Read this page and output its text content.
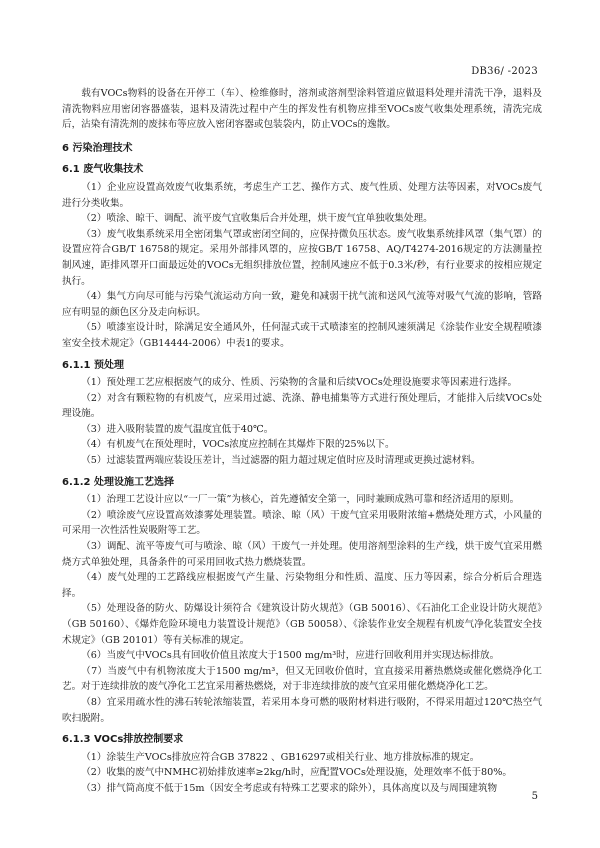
DB36/ -2023

载有VOCs物料的设备在开停工（车）、检维修时，溶剂或溶剂型涂料管道应做退料处理并清洗干净，退料及清洗物料应用密闭容器盛装，退料及清洗过程中产生的挥发性有机物应排至VOCs废气收集处理系统，清洗完成后，沾染有清洗剂的废抹布等应放入密闭容器或包装袋内，防止VOCs的逸散。

6 污染治理技术
6.1 废气收集技术

（1）企业应设置高效废气收集系统，考虑生产工艺、操作方式、废气性质、处理方法等因素，对VOCs废气进行分类收集。

（2）喷涂、晾干、调配、流平废气宜收集后合并处理，烘干废气宜单独收集处理。

（3）废气收集系统采用全密闭集气罩或密闭空间的，应保持微负压状态。废气收集系统排风罩（集气罩）的设置应符合GB/T 16758的规定。采用外部排风罩的，应按GB/T 16758、AQ/T4274-2016规定的方法测量控制风速，距排风罩开口面最远处的VOCs无组织排放位置，控制风速应不低于0.3米/秒，有行业要求的按相应规定执行。

（4）集气方向尽可能与污染气流运动方向一致，避免和减弱干扰气流和送风气流等对吸气气流的影响，管路应有明显的颜色区分及走向标识。

（5）喷漆室设计时，除满足安全通风外，任何湿式或干式喷漆室的控制风速须满足《涂装作业安全规程喷漆室安全技术规定》（GB14444-2006）中表1的要求。

6.1.1 预处理

（1）预处理工艺应根据废气的成分、性质、污染物的含量和后续VOCs处理设施要求等因素进行选择。

（2）对含有颗粒物的有机废气，应采用过滤、洗涤、静电捕集等方式进行预处理后，才能排入后续VOCs处理设施。

（3）进入吸附装置的废气温度宜低于40℃。

（4）有机废气在预处理时，VOCs浓度应控制在其爆炸下限的25%以下。

（5）过滤装置两端应装设压差计，当过滤器的阻力超过规定值时应及时清理或更换过滤材料。

6.1.2 处理设施工艺选择

（1）治理工艺设计应以“一厂一策”为核心，首先遵循安全第一，同时兼顾成熟可靠和经济适用的原则。

（2）喷涂废气应设置高效漆雾处理装置。喷涂、晾（风）干废气宜采用吸附浓缩+燃烧处理方式，小风量的可采用一次性活性炭吸附等工艺。

（3）调配、流平等废气可与喷涂、晾（风）干废气一并处理。使用溶剂型涂料的生产线，烘干废气宜采用燃烧方式单独处理，具备条件的可采用回收式热力燃烧装置。

（4）废气处理的工艺路线应根据废气产生量、污染物组分和性质、温度、压力等因素，综合分析后合理选择。

（5）处理设备的防火、防爆设计须符合《建筑设计防火规范》（GB 50016）、《石油化工企业设计防火规范》（GB 50160）、《爆炸危险环境电力装置设计规范》（GB 50058）、《涂装作业安全规程有机废气净化装置安全技术规定》（GB 20101）等有关标准的规定。

（6）当废气中VOCs具有回收价值且浓度大于1500 mg/m³时，应进行回收利用并实现达标排放。

（7）当废气中有机物浓度大于1500 mg/m³，但又无回收价值时，宜直接采用蓄热燃烧或催化燃烧净化工艺。对于连续排放的废气净化工艺宜采用蓄热燃烧，对于非连续排放的废气宜采用催化燃烧净化工艺。

（8）宜采用疏水性的沸石转轮浓缩装置，若采用本身可燃的吸附材料进行吸附，不得采用超过120℃热空气吹扫脱附。

6.1.3 VOCs排放控制要求

（1）涂装生产VOCs排放应符合GB 37822 、GB16297或相关行业、地方排放标准的规定。

（2）收集的废气中NMHC初始排放速率≥2kg/h时，应配置VOCs处理设施，处理效率不低于80%。

（3）排气筒高度不低于15m（因安全考虑或有特殊工艺要求的除外），具体高度以及与周围建筑物

5
